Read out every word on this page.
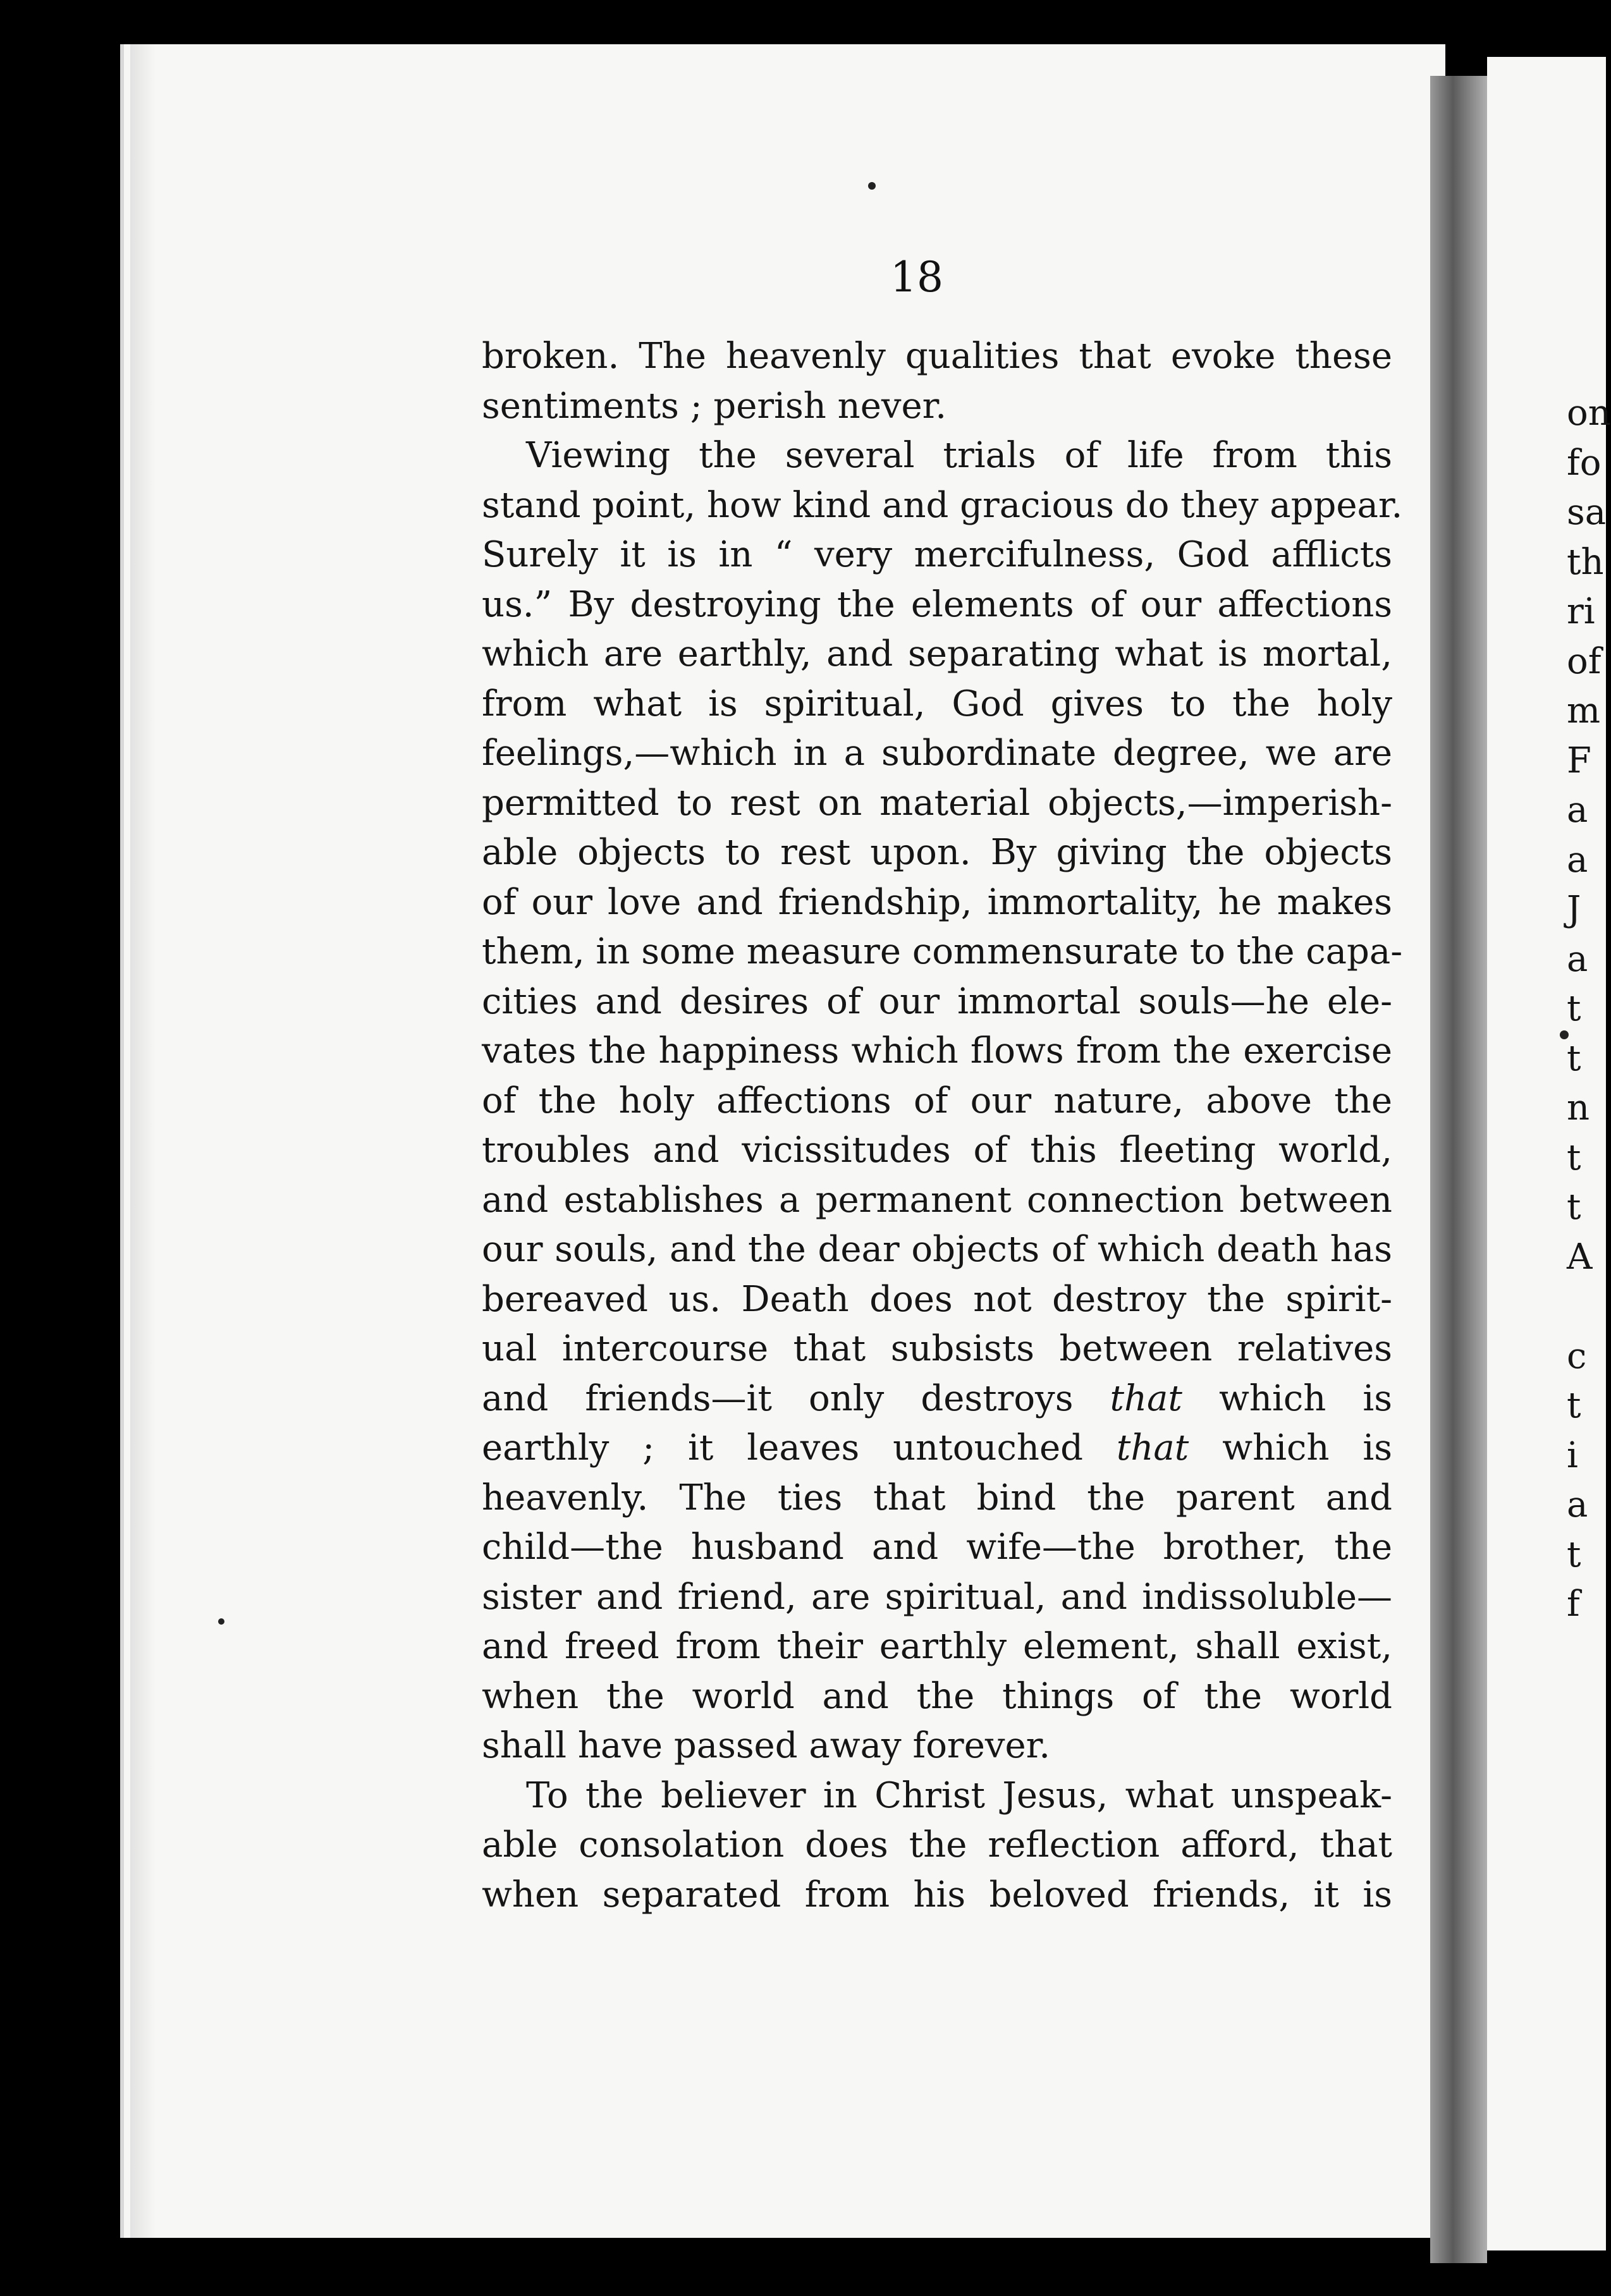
on
fo
sa
th
ri
of
m
F
a
a
J
a
t
t
n
t
t
A
c
t
i
a
t
f
18
broken. The heavenly qualities that evoke these
sentiments ; perish never.
Viewing the several trials of life from this
stand point, how kind and gracious do they appear.
Surely it is in “ very mercifulness, God afflicts
us.” By destroying the elements of our affections
which are earthly, and separating what is mortal,
from what is spiritual, God gives to the holy
feelings,—which in a subordinate degree, we are
permitted to rest on material objects,—imperish-
able objects to rest upon. By giving the objects
of our love and friendship, immortality, he makes
them, in some measure commensurate to the capa-
cities and desires of our immortal souls—he ele-
vates the happiness which flows from the exercise
of the holy affections of our nature, above the
troubles and vicissitudes of this fleeting world,
and establishes a permanent connection between
our souls, and the dear objects of which death has
bereaved us. Death does not destroy the spirit-
ual intercourse that subsists between relatives
and friends—it only destroys that which is
earthly ; it leaves untouched that which is
heavenly. The ties that bind the parent and
child—the husband and wife—the brother, the
sister and friend, are spiritual, and indissoluble—
and freed from their earthly element, shall exist,
when the world and the things of the world
shall have passed away forever.
To the believer in Christ Jesus, what unspeak-
able consolation does the reflection afford, that
when separated from his beloved friends, it is
